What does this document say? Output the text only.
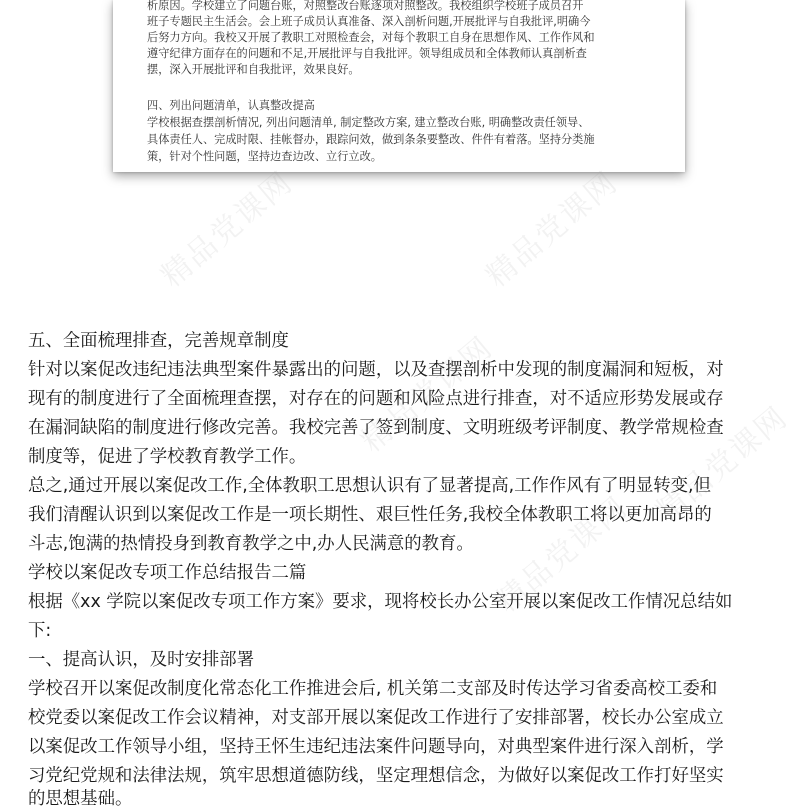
析原因。学校建立了问题台账，对照整改台账逐项对照整改。我校组织学校班子成员召开
班子专题民主生活会。会上班子成员认真准备、深入剖析问题,开展批评与自我批评,明确今
后努力方向。我校又开展了教职工对照检查会，对每个教职工自身在思想作风、工作作风和
遵守纪律方面存在的问题和不足,开展批评与自我批评。领导组成员和全体教师认真剖析查
摆，深入开展批评和自我批评，效果良好。
四、列出问题清单，认真整改提高
学校根据查摆剖析情况, 列出问题清单, 制定整改方案, 建立整改台账, 明确整改责任领导、
具体责任人、完成时限、挂帐督办，跟踪问效，做到条条要整改、件件有着落。坚持分类施
策，针对个性问题，坚持边查边改、立行立改。
精品党课网	精品党课网
精品党课网
精品党课网
精品党课网
五、全面梳理排查，完善规章制度
针对以案促改违纪违法典型案件暴露出的问题，以及查摆剖析中发现的制度漏洞和短板，对
现有的制度进行了全面梳理查摆，对存在的问题和风险点进行排查，对不适应形势发展或存
在漏洞缺陷的制度进行修改完善。我校完善了签到制度、文明班级考评制度、教学常规检查
制度等，促进了学校教育教学工作。
总之,通过开展以案促改工作,全体教职工思想认识有了显著提高,工作作风有了明显转变,但
我们清醒认识到以案促改工作是一项长期性、艰巨性任务,我校全体教职工将以更加高昂的
斗志,饱满的热情投身到教育教学之中,办人民满意的教育。
学校以案促改专项工作总结报告二篇
根据《xx 学院以案促改专项工作方案》要求，现将校长办公室开展以案促改工作情况总结如
下:
一、提高认识，及时安排部署
学校召开以案促改制度化常态化工作推进会后, 机关第二支部及时传达学习省委高校工委和
校党委以案促改工作会议精神，对支部开展以案促改工作进行了安排部署，校长办公室成立
以案促改工作领导小组，坚持王怀生违纪违法案件问题导向，对典型案件进行深入剖析，学
习党纪党规和法律法规，筑牢思想道德防线，坚定理想信念，为做好以案促改工作打好坚实
的思想基础。
